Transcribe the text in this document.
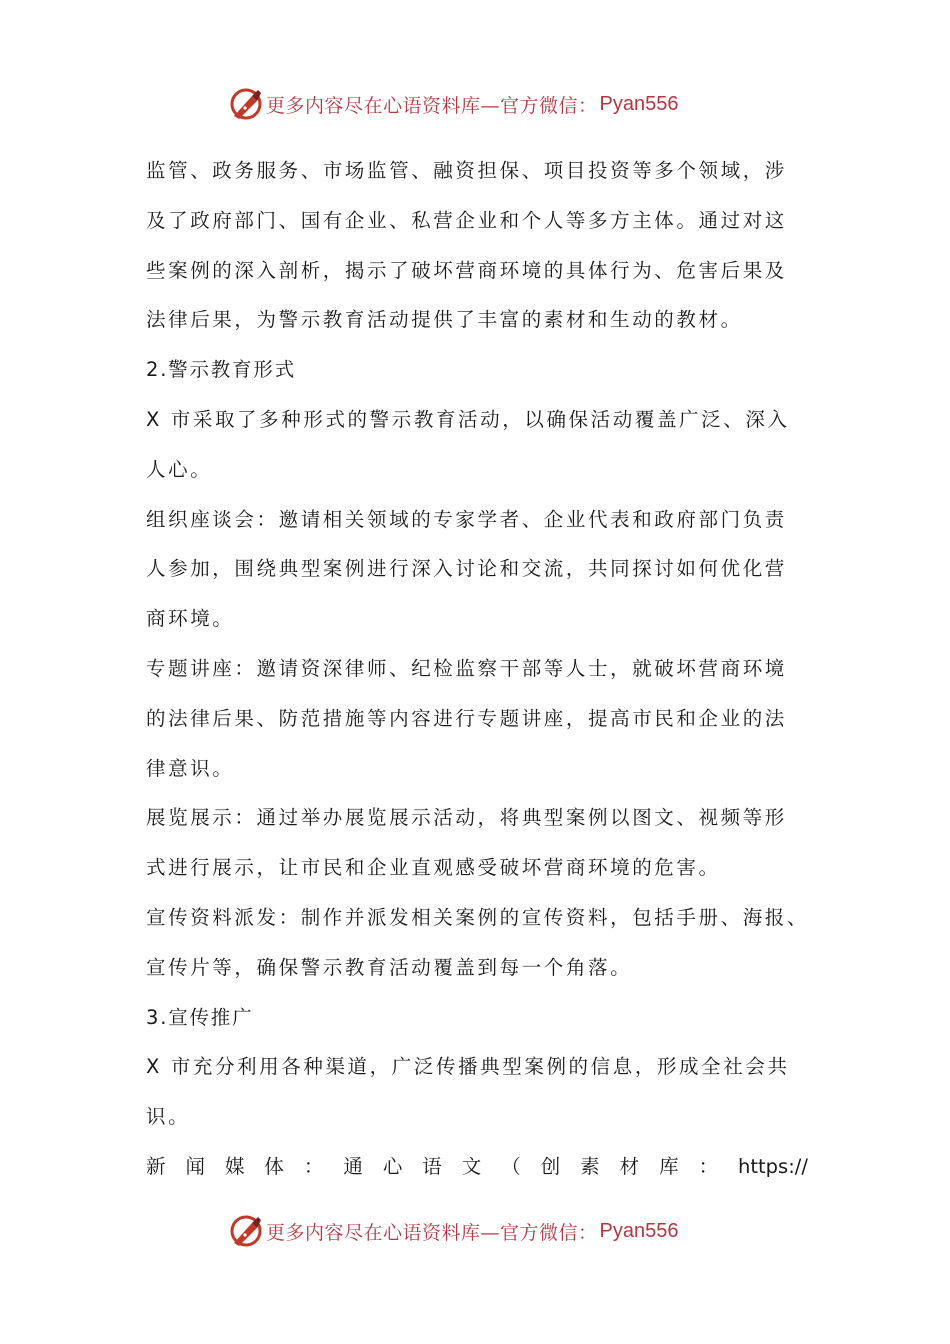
更多内容尽在心语资料库—官方微信： Pyan556
监管、政务服务、市场监管、融资担保、项目投资等多个领域，涉
及了政府部门、国有企业、私营企业和个人等多方主体。通过对这
些案例的深入剖析，揭示了破坏营商环境的具体行为、危害后果及
法律后果，为警示教育活动提供了丰富的素材和生动的教材。
2.警示教育形式
X 市采取了多种形式的警示教育活动，以确保活动覆盖广泛、深入
人心。
组织座谈会：邀请相关领域的专家学者、企业代表和政府部门负责
人参加，围绕典型案例进行深入讨论和交流，共同探讨如何优化营
商环境。
专题讲座：邀请资深律师、纪检监察干部等人士，就破坏营商环境
的法律后果、防范措施等内容进行专题讲座，提高市民和企业的法
律意识。
展览展示：通过举办展览展示活动，将典型案例以图文、视频等形
式进行展示，让市民和企业直观感受破坏营商环境的危害。
宣传资料派发：制作并派发相关案例的宣传资料，包括手册、海报、
宣传片等，确保警示教育活动覆盖到每一个角落。
3.宣传推广
X 市充分利用各种渠道，广泛传播典型案例的信息，形成全社会共
识。
新 闻 媒 体 ： 通 心 语 文 （ 创 素 材 库 ： https://
更多内容尽在心语资料库—官方微信： Pyan556
